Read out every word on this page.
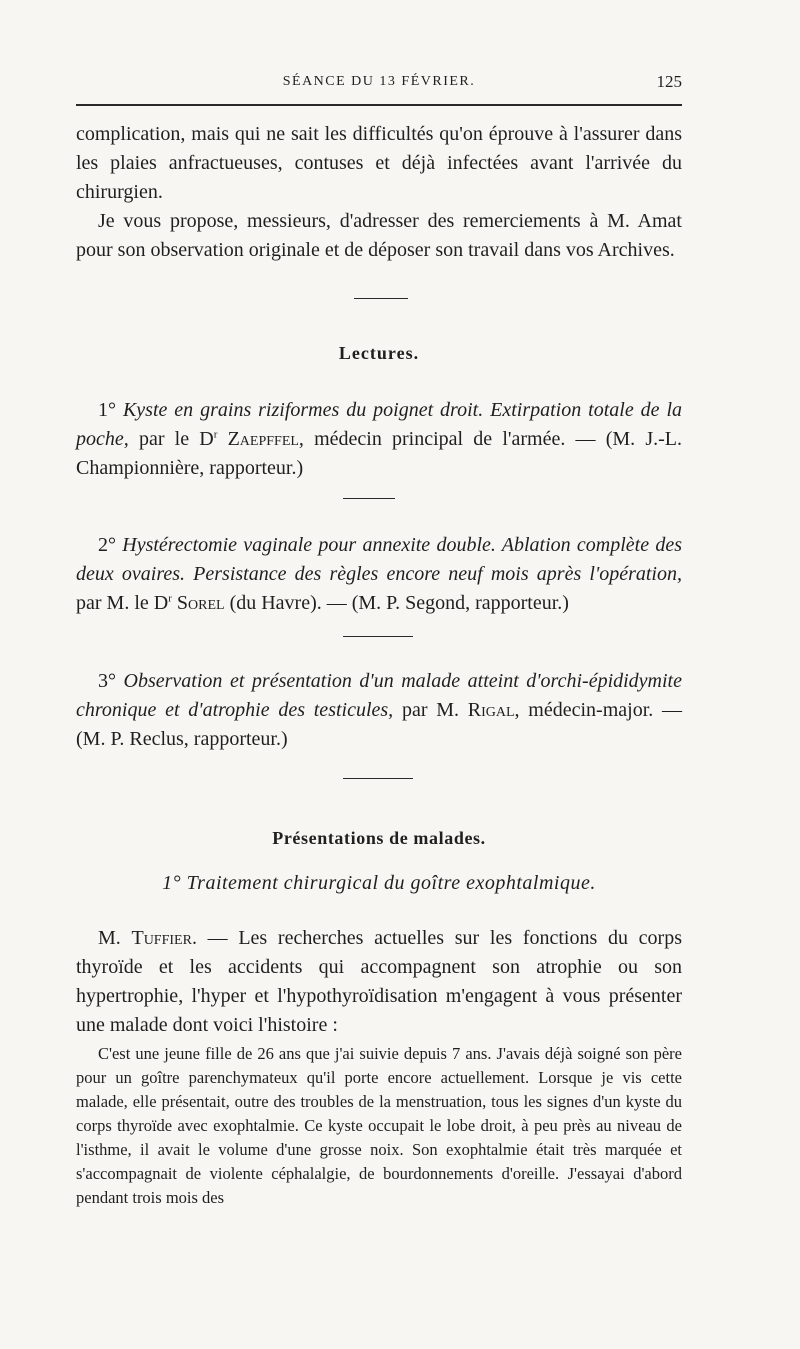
SÉANCE DU 13 FÉVRIER.	125

complication, mais qui ne sait les difficultés qu'on éprouve à l'assurer dans les plaies anfractueuses, contuses et déjà infectées avant l'arrivée du chirurgien.

Je vous propose, messieurs, d'adresser des remerciements à M. Amat pour son observation originale et de déposer son travail dans vos Archives.

Lectures.

1° Kyste en grains riziformes du poignet droit. Extirpation totale de la poche, par le $D^r$ Zaepffel, médecin principal de l'armée. — (M. J.-L. Championnière, rapporteur.)

2° Hystérectomie vaginale pour annexite double. Ablation complète des deux ovaires. Persistance des règles encore neuf mois après l'opération, par M. le $D^r$ Sorel (du Havre). — (M. P. Segond, rapporteur.)

3° Observation et présentation d'un malade atteint d'orchi-épididymite chronique et d'atrophie des testicules, par M. Rigal, médecin-major. — (M. P. Reclus, rapporteur.)

Présentations de malades.

1° Traitement chirurgical du goître exophtalmique.

M. Tuffier. — Les recherches actuelles sur les fonctions du corps thyroïde et les accidents qui accompagnent son atrophie ou son hypertrophie, l'hyper et l'hypothyroïdisation m'engagent à vous présenter une malade dont voici l'histoire :

C'est une jeune fille de 26 ans que j'ai suivie depuis 7 ans. J'avais déjà soigné son père pour un goître parenchymateux qu'il porte encore actuellement. Lorsque je vis cette malade, elle présentait, outre des troubles de la menstruation, tous les signes d'un kyste du corps thyroïde avec exophtalmie. Ce kyste occupait le lobe droit, à peu près au niveau de l'isthme, il avait le volume d'une grosse noix. Son exophtalmie était très marquée et s'accompagnait de violente céphalalgie, de bourdonnements d'oreille. J'essayai d'abord pendant trois mois des
